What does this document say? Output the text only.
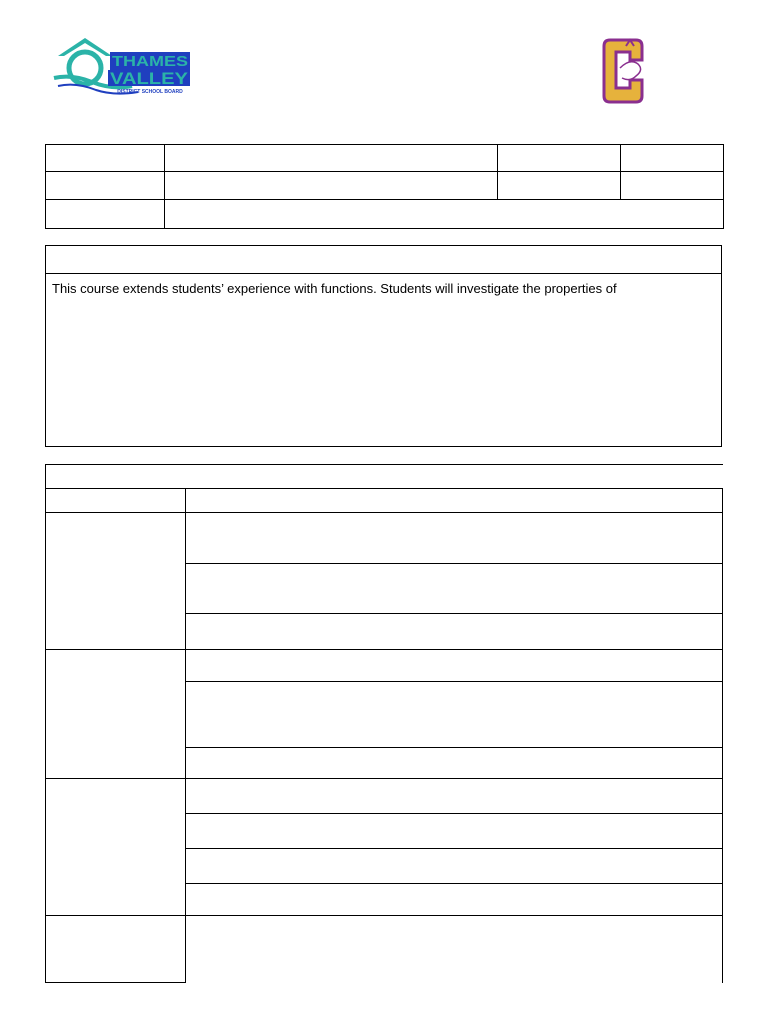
THAMES
VALLEY
DISTRICT SCHOOL BOARD
C
This course extends students’ experience with functions. Students will investigate the properties of
